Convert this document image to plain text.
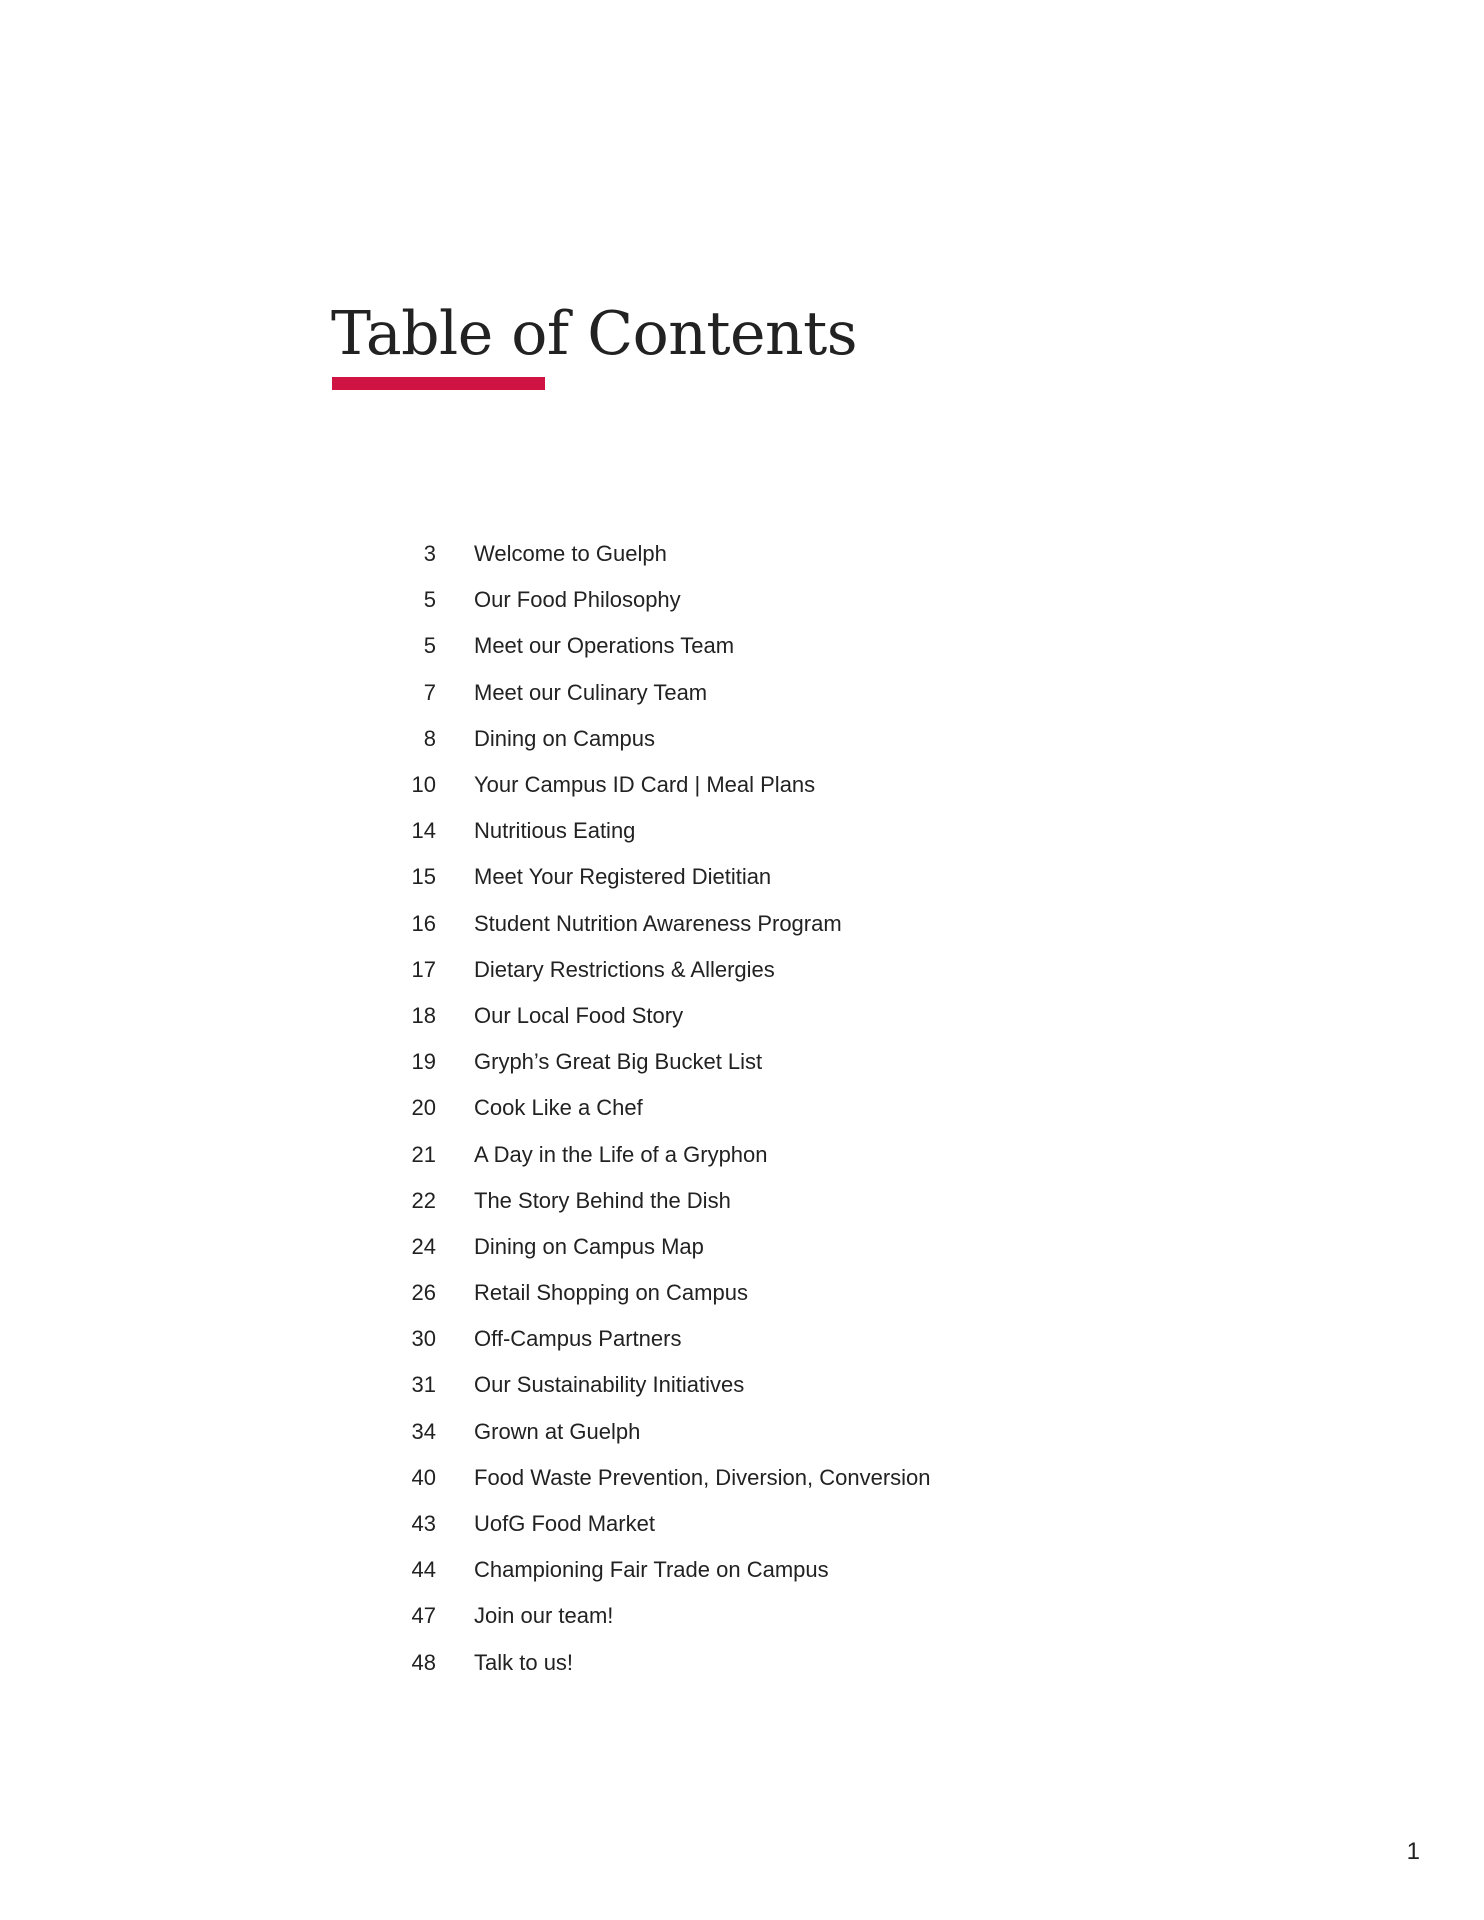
Table of Contents
3 Welcome to Guelph
5 Our Food Philosophy
5 Meet our Operations Team
7 Meet our Culinary Team
8 Dining on Campus
10 Your Campus ID Card | Meal Plans
14 Nutritious Eating
15 Meet Your Registered Dietitian
16 Student Nutrition Awareness Program
17 Dietary Restrictions & Allergies
18 Our Local Food Story
19 Gryph’s Great Big Bucket List
20 Cook Like a Chef
21 A Day in the Life of a Gryphon
22 The Story Behind the Dish
24 Dining on Campus Map
26 Retail Shopping on Campus
30 Off-Campus Partners
31 Our Sustainability Initiatives
34 Grown at Guelph
40 Food Waste Prevention, Diversion, Conversion
43 UofG Food Market
44 Championing Fair Trade on Campus
47 Join our team!
48 Talk to us!
1
